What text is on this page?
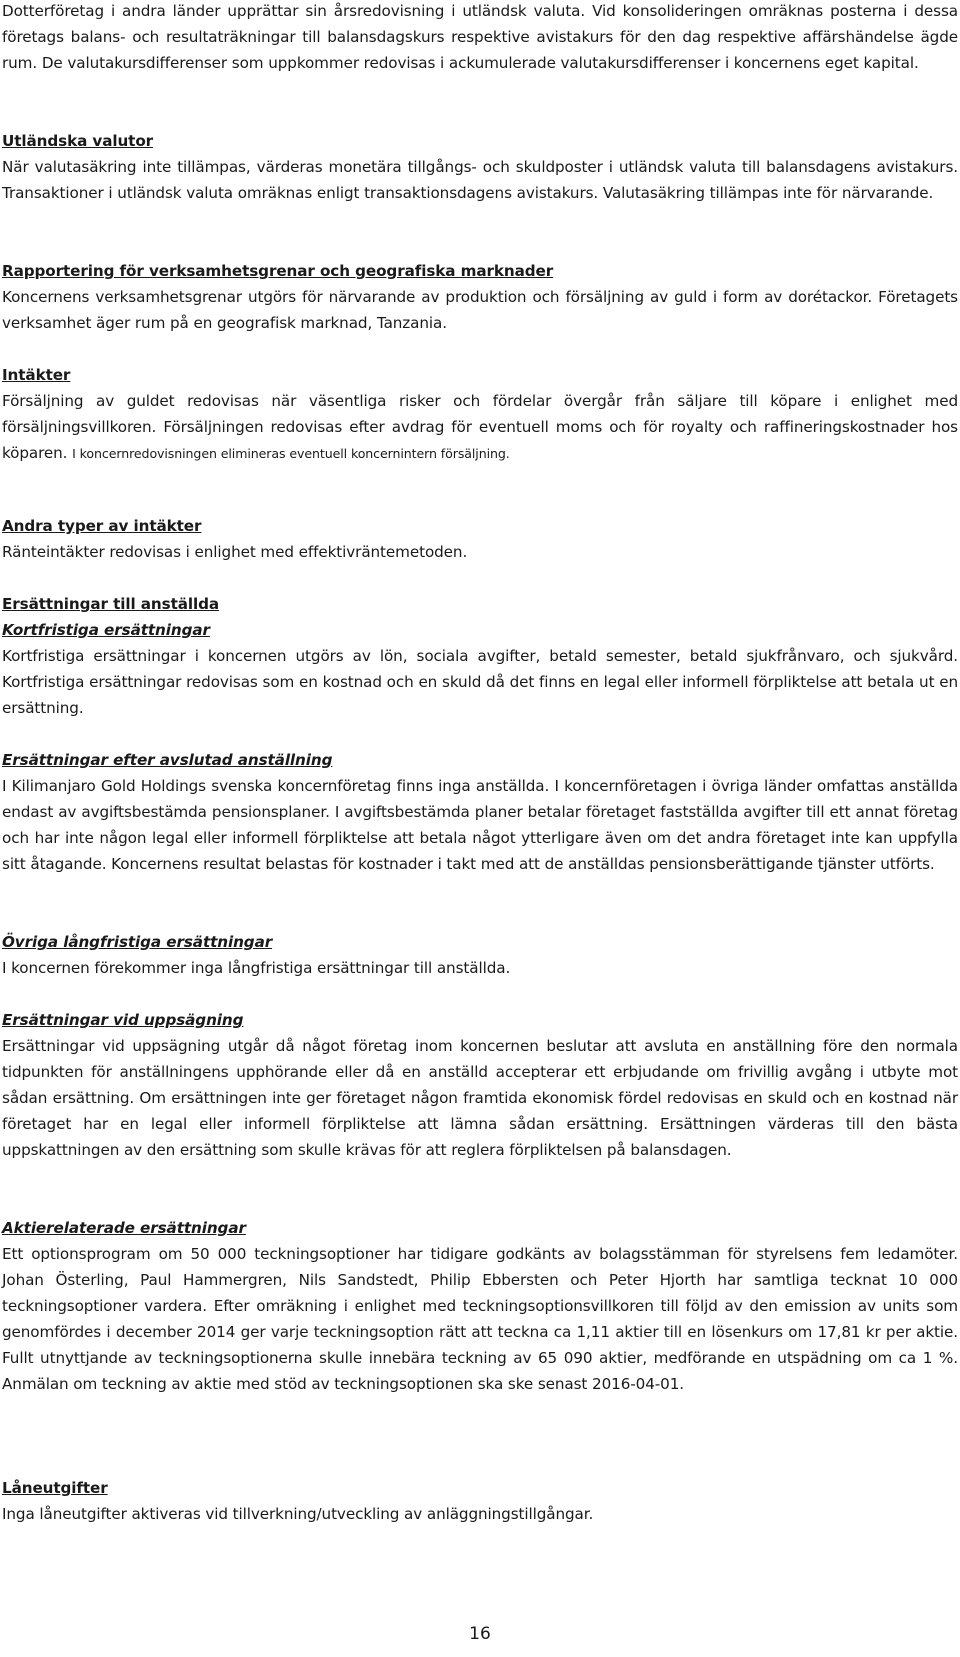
Dotterföretag i andra länder upprättar sin årsredovisning i utländsk valuta. Vid konsolideringen omräknas posterna i dessa företags balans- och resultaträkningar till balansdagskurs respektive avistakurs för den dag respektive affärshändelse ägde rum. De valutakursdifferenser som uppkommer redovisas i ackumulerade valutakursdifferenser i koncernens eget kapital.
Utländska valutor
När valutasäkring inte tillämpas, värderas monetära tillgångs- och skuldposter i utländsk valuta till balansdagens avistakurs. Transaktioner i utländsk valuta omräknas enligt transaktionsdagens avistakurs. Valutasäkring tillämpas inte för närvarande.
Rapportering för verksamhetsgrenar och geografiska marknader
Koncernens verksamhetsgrenar utgörs för närvarande av produktion och försäljning av guld i form av dorétackor. Företagets verksamhet äger rum på en geografisk marknad, Tanzania.
Intäkter
Försäljning av guldet redovisas när väsentliga risker och fördelar övergår från säljare till köpare i enlighet med försäljningsvillkoren. Försäljningen redovisas efter avdrag för eventuell moms och för royalty och raffineringskostnader hos köparen. I koncernredovisningen elimineras eventuell koncernintern försäljning.
Andra typer av intäkter
Ränteintäkter redovisas i enlighet med effektivräntemetoden.
Ersättningar till anställda
Kortfristiga ersättningar
Kortfristiga ersättningar i koncernen utgörs av lön, sociala avgifter, betald semester, betald sjukfrånvaro, och sjukvård. Kortfristiga ersättningar redovisas som en kostnad och en skuld då det finns en legal eller informell förpliktelse att betala ut en ersättning.
Ersättningar efter avslutad anställning
I Kilimanjaro Gold Holdings svenska koncernföretag finns inga anställda. I koncernföretagen i övriga länder omfattas anställda endast av avgiftsbestämda pensionsplaner. I avgiftsbestämda planer betalar företaget fastställda avgifter till ett annat företag och har inte någon legal eller informell förpliktelse att betala något ytterligare även om det andra företaget inte kan uppfylla sitt åtagande. Koncernens resultat belastas för kostnader i takt med att de anställdas pensionsberättigande tjänster utförts.
Övriga långfristiga ersättningar
I koncernen förekommer inga långfristiga ersättningar till anställda.
Ersättningar vid uppsägning
Ersättningar vid uppsägning utgår då något företag inom koncernen beslutar att avsluta en anställning före den normala tidpunkten för anställningens upphörande eller då en anställd accepterar ett erbjudande om frivillig avgång i utbyte mot sådan ersättning. Om ersättningen inte ger företaget någon framtida ekonomisk fördel redovisas en skuld och en kostnad när företaget har en legal eller informell förpliktelse att lämna sådan ersättning. Ersättningen värderas till den bästa uppskattningen av den ersättning som skulle krävas för att reglera förpliktelsen på balansdagen.
Aktierelaterade ersättningar
Ett optionsprogram om 50 000 teckningsoptioner har tidigare godkänts av bolagsstämman för styrelsens fem ledamöter. Johan Österling, Paul Hammergren, Nils Sandstedt, Philip Ebbersten och Peter Hjorth har samtliga tecknat 10 000 teckningsoptioner vardera. Efter omräkning i enlighet med teckningsoptionsvillkoren till följd av den emission av units som genomfördes i december 2014 ger varje teckningsoption rätt att teckna ca 1,11 aktier till en lösenkurs om 17,81 kr per aktie. Fullt utnyttjande av teckningsoptionerna skulle innebära teckning av 65 090 aktier, medförande en utspädning om ca 1 %. Anmälan om teckning av aktie med stöd av teckningsoptionen ska ske senast 2016-04-01.
Låneutgifter
Inga låneutgifter aktiveras vid tillverkning/utveckling av anläggningstillgångar.
16
